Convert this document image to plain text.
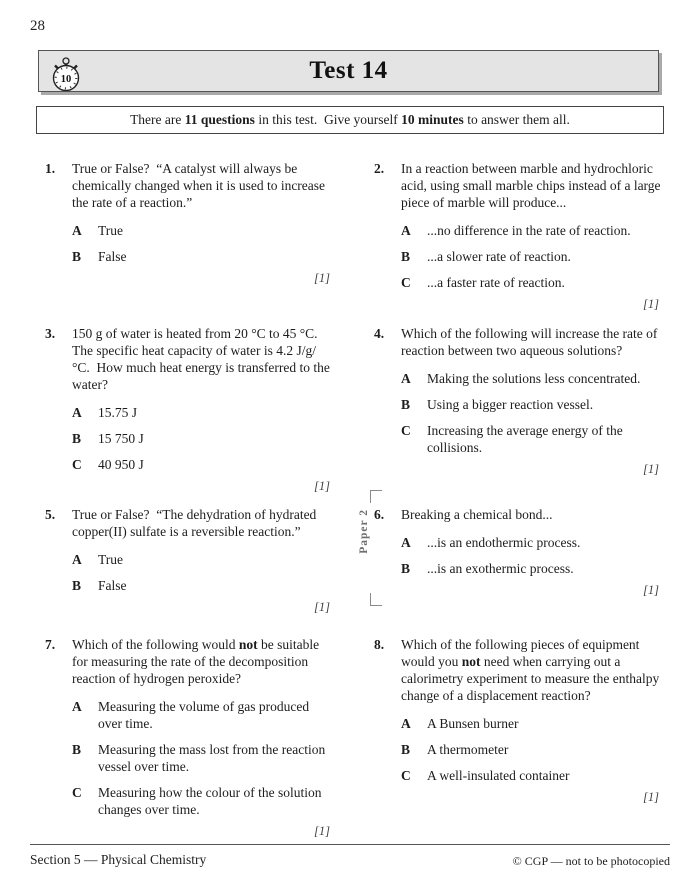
28
10	Test 14
There are 11 questions in this test.  Give yourself 10 minutes to answer them all.
1.	True or False?  “A catalyst will always be chemically changed when it is used to increase the rate of a reaction.”
A	True
B	False
[1]
2.	In a reaction between marble and hydrochloric acid, using small marble chips instead of a large piece of marble will produce...
A	...no difference in the rate of reaction.
B	...a slower rate of reaction.
C	...a faster rate of reaction.
[1]
3.	150 g of water is heated from 20 °C to 45 °C.  The specific heat capacity of water is 4.2 J/g/°C.  How much heat energy is transferred to the water?
A	15.75 J
B	15 750 J
C	40 950 J
[1]
4.	Which of the following will increase the rate of reaction between two aqueous solutions?
A	Making the solutions less concentrated.
B	Using a bigger reaction vessel.
C	Increasing the average energy of the collisions.
[1]
5.	True or False?  “The dehydration of hydrated copper(II) sulfate is a reversible reaction.”
A	True
B	False
[1]
Paper 2 6.	Breaking a chemical bond...
A	...is an endothermic process.
B	...is an exothermic process.
[1]
7.	Which of the following would not be suitable for measuring the rate of the decomposition reaction of hydrogen peroxide?
A	Measuring the volume of gas produced over time.
B	Measuring the mass lost from the reaction vessel over time.
C	Measuring how the colour of the solution changes over time.
[1]
8.	Which of the following pieces of equipment would you not need when carrying out a calorimetry experiment to measure the enthalpy change of a displacement reaction?
A	A Bunsen burner
B	A thermometer
C	A well-insulated container
[1]
Section 5 — Physical Chemistry	© CGP — not to be photocopied
